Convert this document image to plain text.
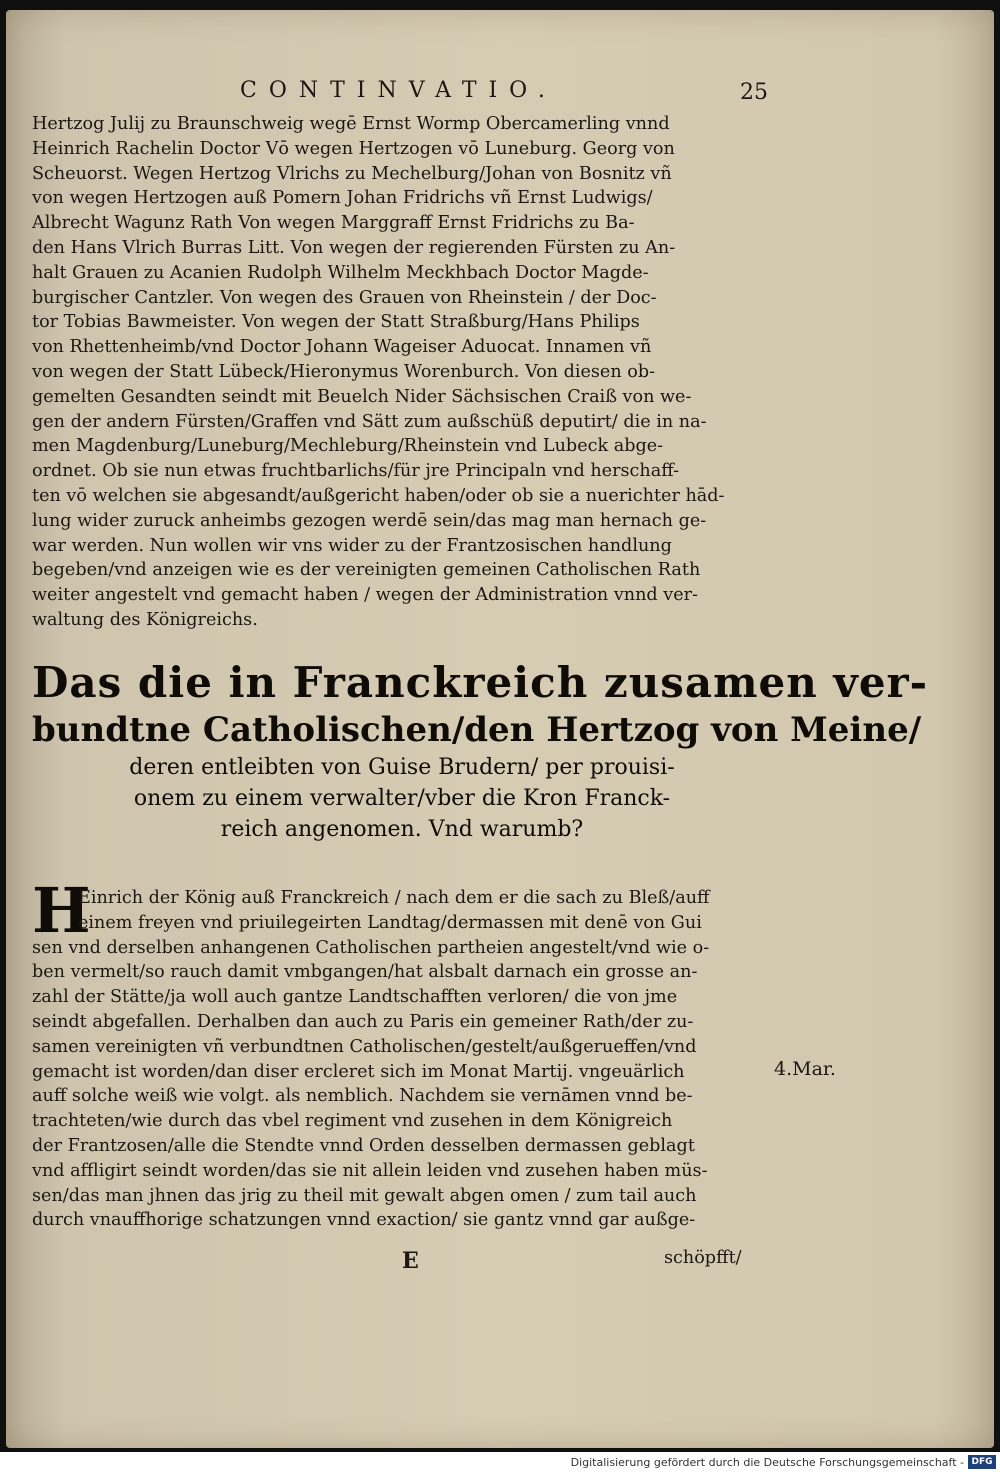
CONTINVATIO.	25
Hertzog Julij zu Braunschweig wegē Ernst Wormp Obercamerling vnnd
Heinrich Rachelin Doctor Vō wegen Hertzogen vō Luneburg. Georg von
Scheuorst. Wegen Hertzog Vlrichs zu Mechelburg/Johan von Bosnitz vñ
von wegen Hertzogen auß Pomern Johan Fridrichs vñ Ernst Ludwigs/
Albrecht Wagunz Rath Von wegen Marggraff Ernst Fridrichs zu Ba-
den Hans Vlrich Burras Litt. Von wegen der regierenden Fürsten zu An-
halt Grauen zu Acanien Rudolph Wilhelm Meckhbach Doctor Magde-
burgischer Cantzler. Von wegen des Grauen von Rheinstein / der Doc-
tor Tobias Bawmeister. Von wegen der Statt Straßburg/Hans Philips
von Rhettenheimb/vnd Doctor Johann Wageiser Aduocat. Innamen vñ
von wegen der Statt Lübeck/Hieronymus Worenburch. Von diesen ob-
gemelten Gesandten seindt mit Beuelch Nider Sächsischen Craiß von we-
gen der andern Fürsten/Graffen vnd Sätt zum außschüß deputirt/ die in na-
men Magdenburg/Luneburg/Mechleburg/Rheinstein vnd Lubeck abge-
ordnet. Ob sie nun etwas fruchtbarlichs/für jre Principaln vnd herschaff-
ten vō welchen sie abgesandt/außgericht haben/oder ob sie a nuerichter hād-
lung wider zuruck anheimbs gezogen werdē sein/das mag man hernach ge-
war werden. Nun wollen wir vns wider zu der Frantzosischen handlung
begeben/vnd anzeigen wie es der vereinigten gemeinen Catholischen Rath
weiter angestelt vnd gemacht haben / wegen der Administration vnnd ver-
waltung des Königreichs.
Das die in Franckreich zusamen ver-
bundtne Catholischen/den Hertzog von Meine/
deren entleibten von Guise Brudern/ per prouisi-
onem zu einem verwalter/vber die Kron Franck-
reich angenomen. Vnd warumb?
H
Einrich der König auß Franckreich / nach dem er die sach zu Bleß/auff
einem freyen vnd priuilegeirten Landtag/dermassen mit denē von Gui
sen vnd derselben anhangenen Catholischen partheien angestelt/vnd wie o-
ben vermelt/so rauch damit vmbgangen/hat alsbalt darnach ein grosse an-
zahl der Stätte/ja woll auch gantze Landtschafften verloren/ die von jme
seindt abgefallen. Derhalben dan auch zu Paris ein gemeiner Rath/der zu-
samen vereinigten vñ verbundtnen Catholischen/gestelt/außgerueffen/vnd
gemacht ist worden/dan diser ercleret sich im Monat Martij. vngeuärlich
auff solche weiß wie volgt. als nemblich. Nachdem sie vernāmen vnnd be-
trachteten/wie durch das vbel regiment vnd zusehen in dem Königreich
der Frantzosen/alle die Stendte vnnd Orden desselben dermassen geblagt
vnd affligirt seindt worden/das sie nit allein leiden vnd zusehen haben müs-
sen/das man jhnen das jrig zu theil mit gewalt abgen omen / zum tail auch
durch vnauffhorige schatzungen vnnd exaction/ sie gantz vnnd gar außge-
4.Mar.
E	schöpfft/
Digitalisierung gefördert durch die Deutsche Forschungsgemeinschaft - DFG
